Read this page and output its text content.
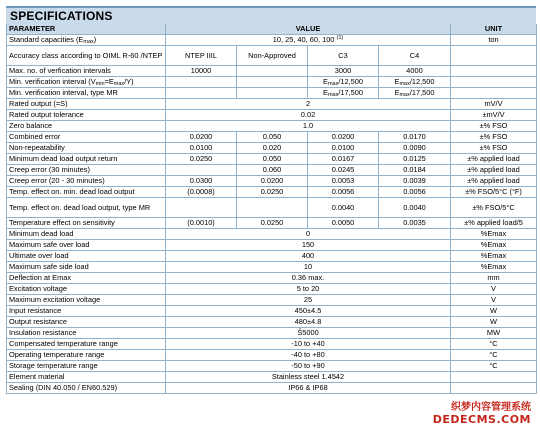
SPECIFICATIONS
PARAMETER	VALUE				UNIT
Standard capacities $(E_{max})$	10, 25, 40, 60, 100 $^{(1)}$				ton
Accuracy class according to OIML R-60 /NTEP	NTEP IIIL	Non-Approved	C3	C4	
Max. no. of verfication intervals	10000		3000	4000	
Min. verification interval $(V_{min}=E_{max}/Y)$			$E_{max}/12,500$	$E_{max}/12,500$	
Min. verification interval, type MR			$E_{max}/17,500$	$E_{max}/17,500$	
Rated output (=S)	2				mV/V
Rated output tolerance	0.02				±mV/V
Zero balance	1.0				±% FSO
Combined error	0.0200	0.050	0.0200	0.0170	±% FSO
Non-repeatability	0.0100	0.020	0.0100	0.0090	±% FSO
Minimum dead load output return	0.0250	0.050	0.0167	0.0125	±% applied load
Creep error (30 minutes)		0.060	0.0245	0.0184	±% applied load
Creep error (20 - 30 minutes)	0.0300	0.0200	0.0053	0.0039	±% applied load
Temp. effect on. min. dead load output	(0.0008)	0.0250	0.0056	0.0056	±% FSO/5°C (°F)
Temp. effect on. dead load output, type MR			0.0040	0.0040	±% FSO/5°C
Temperature effect on sensitivity	(0.0010)	0.0250	0.0050	0.0035	±% applied load/5
Minimum dead load	0				%Emax
Maximum safe over load	150				%Emax
Ultimate over load	400				%Emax
Maximum safe side load	10				%Emax
Deflection at Emax	0.36 max.				mm
Excitation voltage	5 to 20				V
Maximum excitation voltage	25				V
Input resistance	450±4.5				W
Output resistance	480±4.8				W
Insulation resistance	Š5000				MW
Compensated temperature range	-10 to +40				°C
Operating temperature range	-40 to +80				°C
Storage temperature range	-50 to +90				°C
Element material	Stainless steel 1.4542				
Sealing (DIN 40.050 / EN60.529)	IP66 & IP68				
织梦内容管理系统
DEDECMS.COM
